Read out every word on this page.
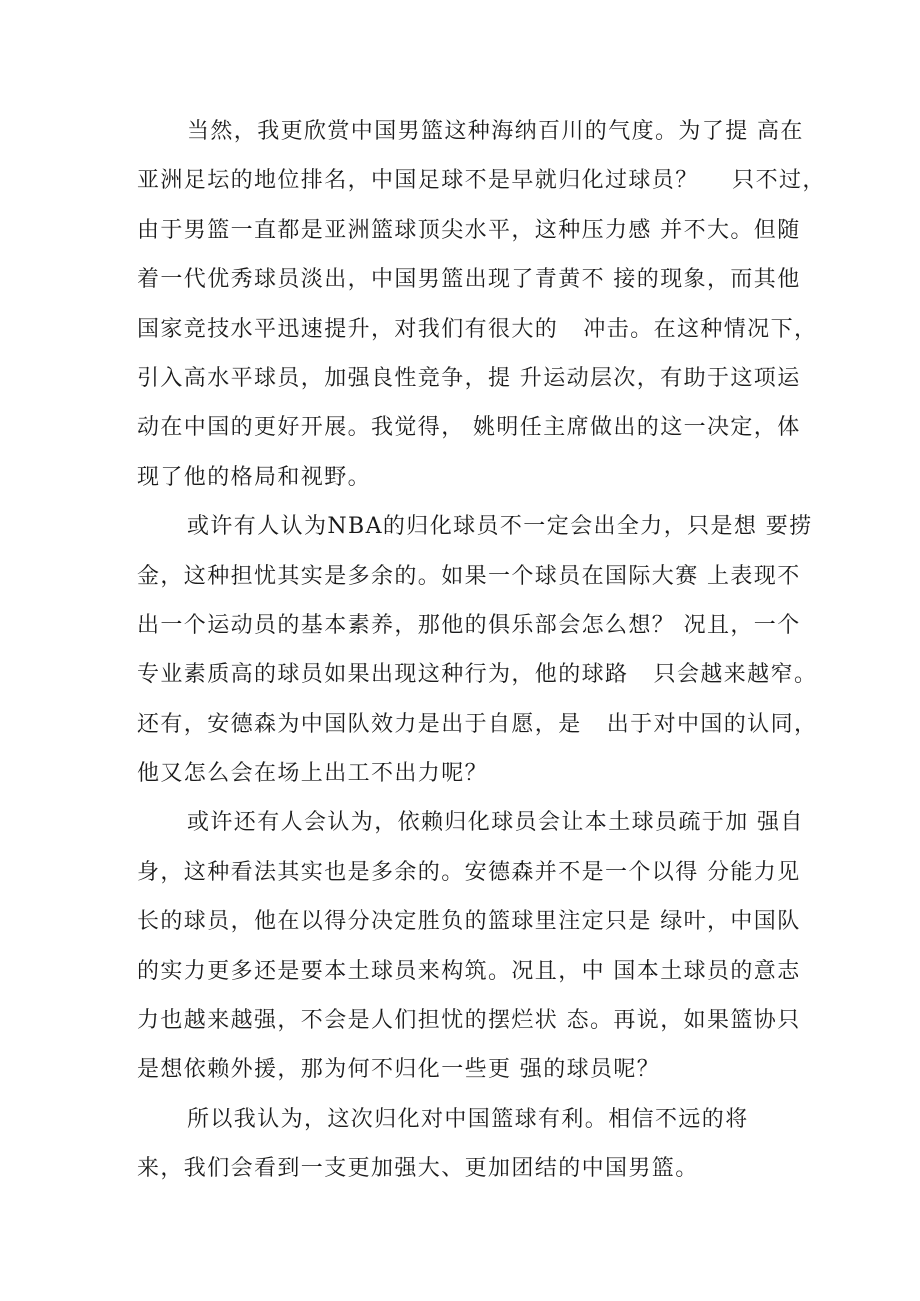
当然，我更欣赏中国男篮这种海纳百川的气度。为了提 高在
亚洲足坛的地位排名，中国足球不是早就归化过球员？    只不过，
由于男篮一直都是亚洲篮球顶尖水平，这种压力感 并不大。但随
着一代优秀球员淡出，中国男篮出现了青黄不 接的现象，而其他
国家竞技水平迅速提升，对我们有很大的   冲击。在这种情况下，
引入高水平球员，加强良性竞争，提 升运动层次，有助于这项运
动在中国的更好开展。我觉得， 姚明任主席做出的这一决定，体
现了他的格局和视野。
或许有人认为NBA的归化球员不一定会出全力，只是想 要捞
金，这种担忧其实是多余的。如果一个球员在国际大赛 上表现不
出一个运动员的基本素养，那他的俱乐部会怎么想？ 况且，一个
专业素质高的球员如果出现这种行为，他的球路   只会越来越窄。
还有，安德森为中国队效力是出于自愿，是   出于对中国的认同，
他又怎么会在场上出工不出力呢？
或许还有人会认为，依赖归化球员会让本土球员疏于加 强自
身，这种看法其实也是多余的。安德森并不是一个以得 分能力见
长的球员，他在以得分决定胜负的篮球里注定只是 绿叶，中国队
的实力更多还是要本土球员来构筑。况且，中 国本土球员的意志
力也越来越强，不会是人们担忧的摆烂状 态。再说，如果篮协只
是想依赖外援，那为何不归化一些更 强的球员呢？
所以我认为，这次归化对中国篮球有利。相信不远的将
来，我们会看到一支更加强大、更加团结的中国男篮。
